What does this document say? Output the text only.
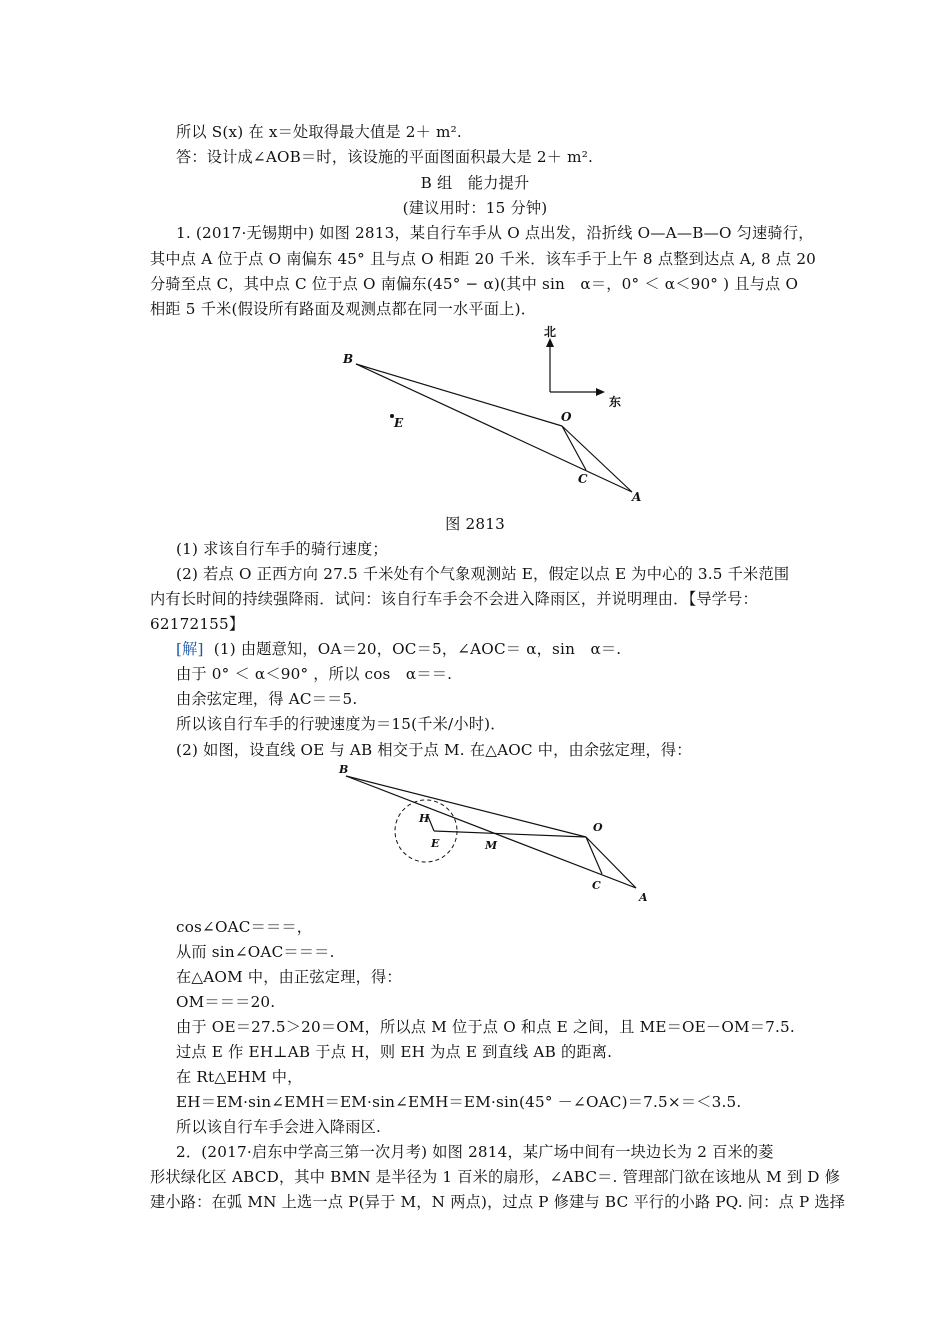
所以 S(x) 在 x＝处取得最大值是 2＋ m².
答：设计成∠AOB＝时，该设施的平面图面积最大是 2＋ m².
B 组　能力提升
(建议用时：15 分钟)
1. (2017·无锡期中) 如图 2813，某自行车手从 O 点出发，沿折线 O—A—B—O 匀速骑行，
其中点 A 位于点 O 南偏东 45° 且与点 O 相距 20 千米．该车手于上午 8 点整到达点 A, 8 点 20
分骑至点 C，其中点 C 位于点 O 南偏东(45° − α)(其中 sin　α＝，0° ＜ α＜90° ) 且与点 O
相距 5 千米(假设所有路面及观测点都在同一水平面上)．
北
东
B
E	O
C
A
图 2813
(1) 求该自行车手的骑行速度；
(2) 若点 O 正西方向 27.5 千米处有个气象观测站 E，假定以点 E 为中心的 3.5 千米范围
内有长时间的持续强降雨．试问：该自行车手会不会进入降雨区，并说明理由．【导学号：
62172155】
[解] (1) 由题意知，OA＝20，OC＝5，∠AOC＝ α，sin　α＝.
由于 0° ＜ α＜90° ，所以 cos　α＝＝.
由余弦定理，得 AC＝＝5.
所以该自行车手的行驶速度为＝15(千米/小时)．
(2) 如图，设直线 OE 与 AB 相交于点 M. 在△AOC 中，由余弦定理，得：
B
H
E	M
O
C
A
cos∠OAC＝＝＝，
从而 sin∠OAC＝＝＝.
在△AOM 中，由正弦定理，得：
OM＝＝＝20.
由于 OE＝27.5＞20＝OM，所以点 M 位于点 O 和点 E 之间，且 ME＝OE－OM＝7.5.
过点 E 作 EH⊥AB 于点 H，则 EH 为点 E 到直线 AB 的距离.
在 Rt△EHM 中，
EH＝EM·sin∠EMH＝EM·sin∠EMH＝EM·sin(45° －∠OAC)＝7.5×＝＜3.5.
所以该自行车手会进入降雨区.
2．(2017·启东中学高三第一次月考) 如图 2814，某广场中间有一块边长为 2 百米的菱
形状绿化区 ABCD，其中 BMN 是半径为 1 百米的扇形，∠ABC＝. 管理部门欲在该地从 M 到 D 修
建小路：在弧 MN 上选一点 P(异于 M，N 两点)，过点 P 修建与 BC 平行的小路 PQ. 问：点 P 选择
